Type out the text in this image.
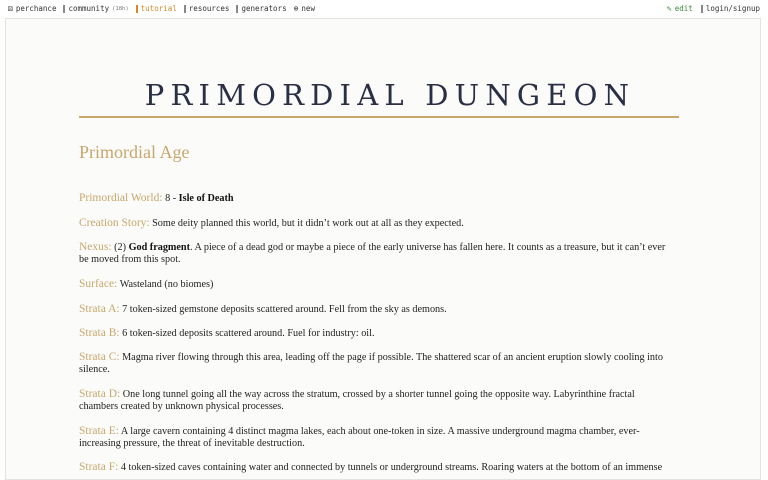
⚄ perchance community (18h) tutorial resources generators ⊕ new	✎ edit login/signup
PRIMORDIAL DUNGEON
Primordial Age
Primordial World: 8 - Isle of Death
Creation Story: Some deity planned this world, but it didn’t work out at all as they expected.
Nexus: (2) God fragment. A piece of a dead god or maybe a piece of the early universe has fallen here. It counts as a treasure, but it can’t ever be moved from this spot.
Surface: Wasteland (no biomes)
Strata A: 7 token-sized gemstone deposits scattered around. Fell from the sky as demons.
Strata B: 6 token-sized deposits scattered around. Fuel for industry: oil.
Strata C: Magma river flowing through this area, leading off the page if possible. The shattered scar of an ancient eruption slowly cooling into silence.
Strata D: One long tunnel going all the way across the stratum, crossed by a shorter tunnel going the opposite way. Labyrinthine fractal chambers created by unknown physical processes.
Strata E: A large cavern containing 4 distinct magma lakes, each about one-token in size. A massive underground magma chamber, ever-increasing pressure, the threat of inevitable destruction.
Strata F: 4 token-sized caves containing water and connected by tunnels or underground streams. Roaring waters at the bottom of an immense
